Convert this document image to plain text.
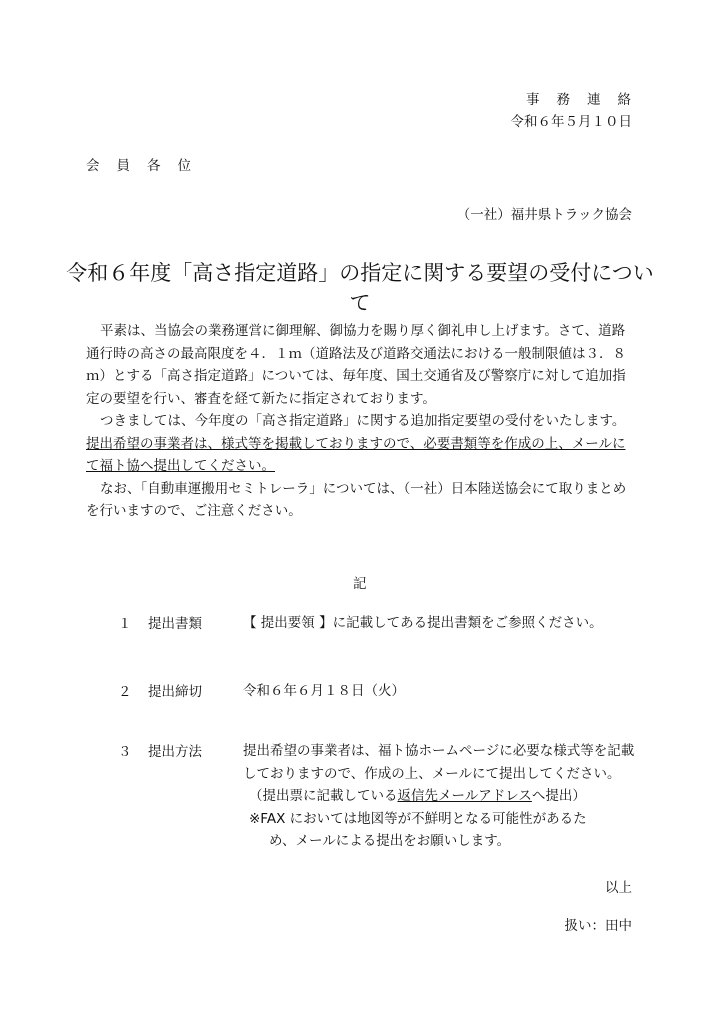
事務連絡
令和６年５月１０日
会員各位
（一社）福井県トラック協会
令和６年度「高さ指定道路」の指定に関する要望の受付について

平素は、当協会の業務運営に御理解、御協力を賜り厚く御礼申し上げます。さて、道路通行時の高さの最高限度を４．１ｍ（道路法及び道路交通法における一般制限値は３．８ｍ）とする「高さ指定道路」については、毎年度、国土交通省及び警察庁に対して追加指定の要望を行い、審査を経て新たに指定されております。

つきましては、今年度の「高さ指定道路」に関する追加指定要望の受付をいたします。提出希望の事業者は、様式等を掲載しておりますので、必要書類等を作成の上、メールにて福ト協へ提出してください。

なお、「自動車運搬用セミトレーラ」については、（一社）日本陸送協会にて取りまとめを行いますので、ご注意ください。

記
１ 提出書類	【 提出要領 】に記載してある提出書類をご参照ください。
２ 提出締切	令和６年６月１８日（火）
３ 提出方法	提出希望の事業者は、福ト協ホームページに必要な様式等を記載しておりますので、作成の上、メールにて提出してください。
（提出票に記載している返信先メールアドレスへ提出）
※FAX においては地図等が不鮮明となる可能性があるた
め、メールによる提出をお願いします。
以上
扱い：田中
